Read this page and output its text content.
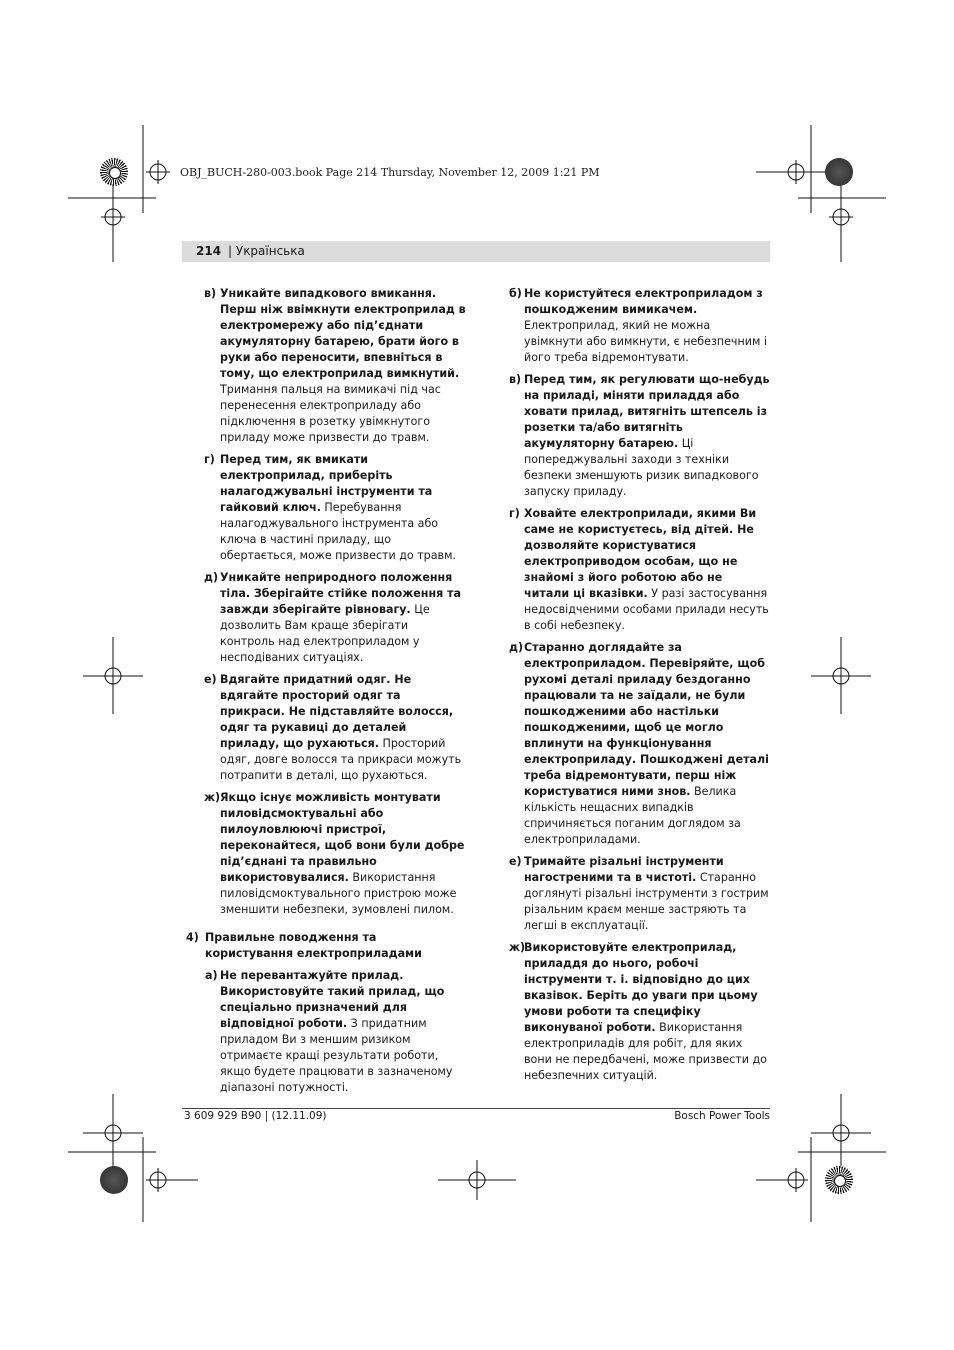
OBJ_BUCH-280-003.book Page 214 Thursday, November 12, 2009 1:21 PM
214 | Українська
в) Уникайте випадкового вмикання. Перш ніж ввімкнути електроприлад в електромережу або під’єднати акумуляторну батарею, брати його в руки або переносити, впевніться в тому, що електроприлад вимкнутий. Тримання пальця на вимикачі під час перенесення електроприладу або підключення в розетку увімкнутого приладу може призвести до травм.
г) Перед тим, як вмикати електроприлад, приберіть налагоджувальні інструменти та гайковий ключ. Перебування налагоджувального інструмента або ключа в частині приладу, що обертається, може призвести до травм.
д) Уникайте неприродного положення тіла. Зберігайте стійке положення та завжди зберігайте рівновагу. Це дозволить Вам краще зберігати контроль над електроприладом у несподіваних ситуаціях.
е) Вдягайте придатний одяг. Не вдягайте просторий одяг та прикраси. Не підставляйте волосся, одяг та рукавиці до деталей приладу, що рухаються. Просторий одяг, довге волосся та прикраси можуть потрапити в деталі, що рухаються.
ж) Якщо існує можливість монтувати пиловідсмоктувальні або пилоуловлюючі пристрої, переконайтеся, щоб вони були добре під’єднані та правильно використовувалися. Використання пиловідсмоктувального пристрою може зменшити небезпеки, зумовлені пилом.
4) Правильне поводження та користування електроприладами
а) Не перевантажуйте прилад. Використовуйте такий прилад, що спеціально призначений для відповідної роботи. З придатним приладом Ви з меншим ризиком отримаєте кращі результати роботи, якщо будете працювати в зазначеному діапазоні потужності.
б) Не користуйтеся електроприладом з пошкодженим вимикачем. Електроприлад, який не можна увімкнути або вимкнути, є небезпечним і його треба відремонтувати.
в) Перед тим, як регулювати що-небудь на приладі, міняти приладдя або ховати прилад, витягніть штепсель із розетки та/або витягніть акумуляторну батарею. Ці попереджувальні заходи з техніки безпеки зменшують ризик випадкового запуску приладу.
г) Ховайте електроприлади, якими Ви саме не користуєтесь, від дітей. Не дозволяйте користуватися електроприводом особам, що не знайомі з його роботою або не читали ці вказівки. У разі застосування недосвідченими особами прилади несуть в собі небезпеку.
д) Старанно доглядайте за електроприладом. Перевіряйте, щоб рухомі деталі приладу бездоганно працювали та не заїдали, не були пошкодженими або настільки пошкодженими, щоб це могло вплинути на функціонування електроприладу. Пошкоджені деталі треба відремонтувати, перш ніж користуватися ними знов. Велика кількість нещасних випадків спричиняється поганим доглядом за електроприладами.
е) Тримайте різальні інструменти нагостреними та в чистоті. Старанно доглянуті різальні інструменти з гострим різальним краєм менше застряють та легші в експлуатації.
ж)
Використовуйте електроприлад, приладдя до нього, робочі інструменти т. і. відповідно до цих вказівок. Беріть до уваги при цьому умови роботи та специфіку виконуваної роботи. Використання електроприладів для робіт, для яких вони не передбачені, може призвести до небезпечних ситуацій.
3 609 929 B90 | (12.11.09)	Bosch Power Tools
